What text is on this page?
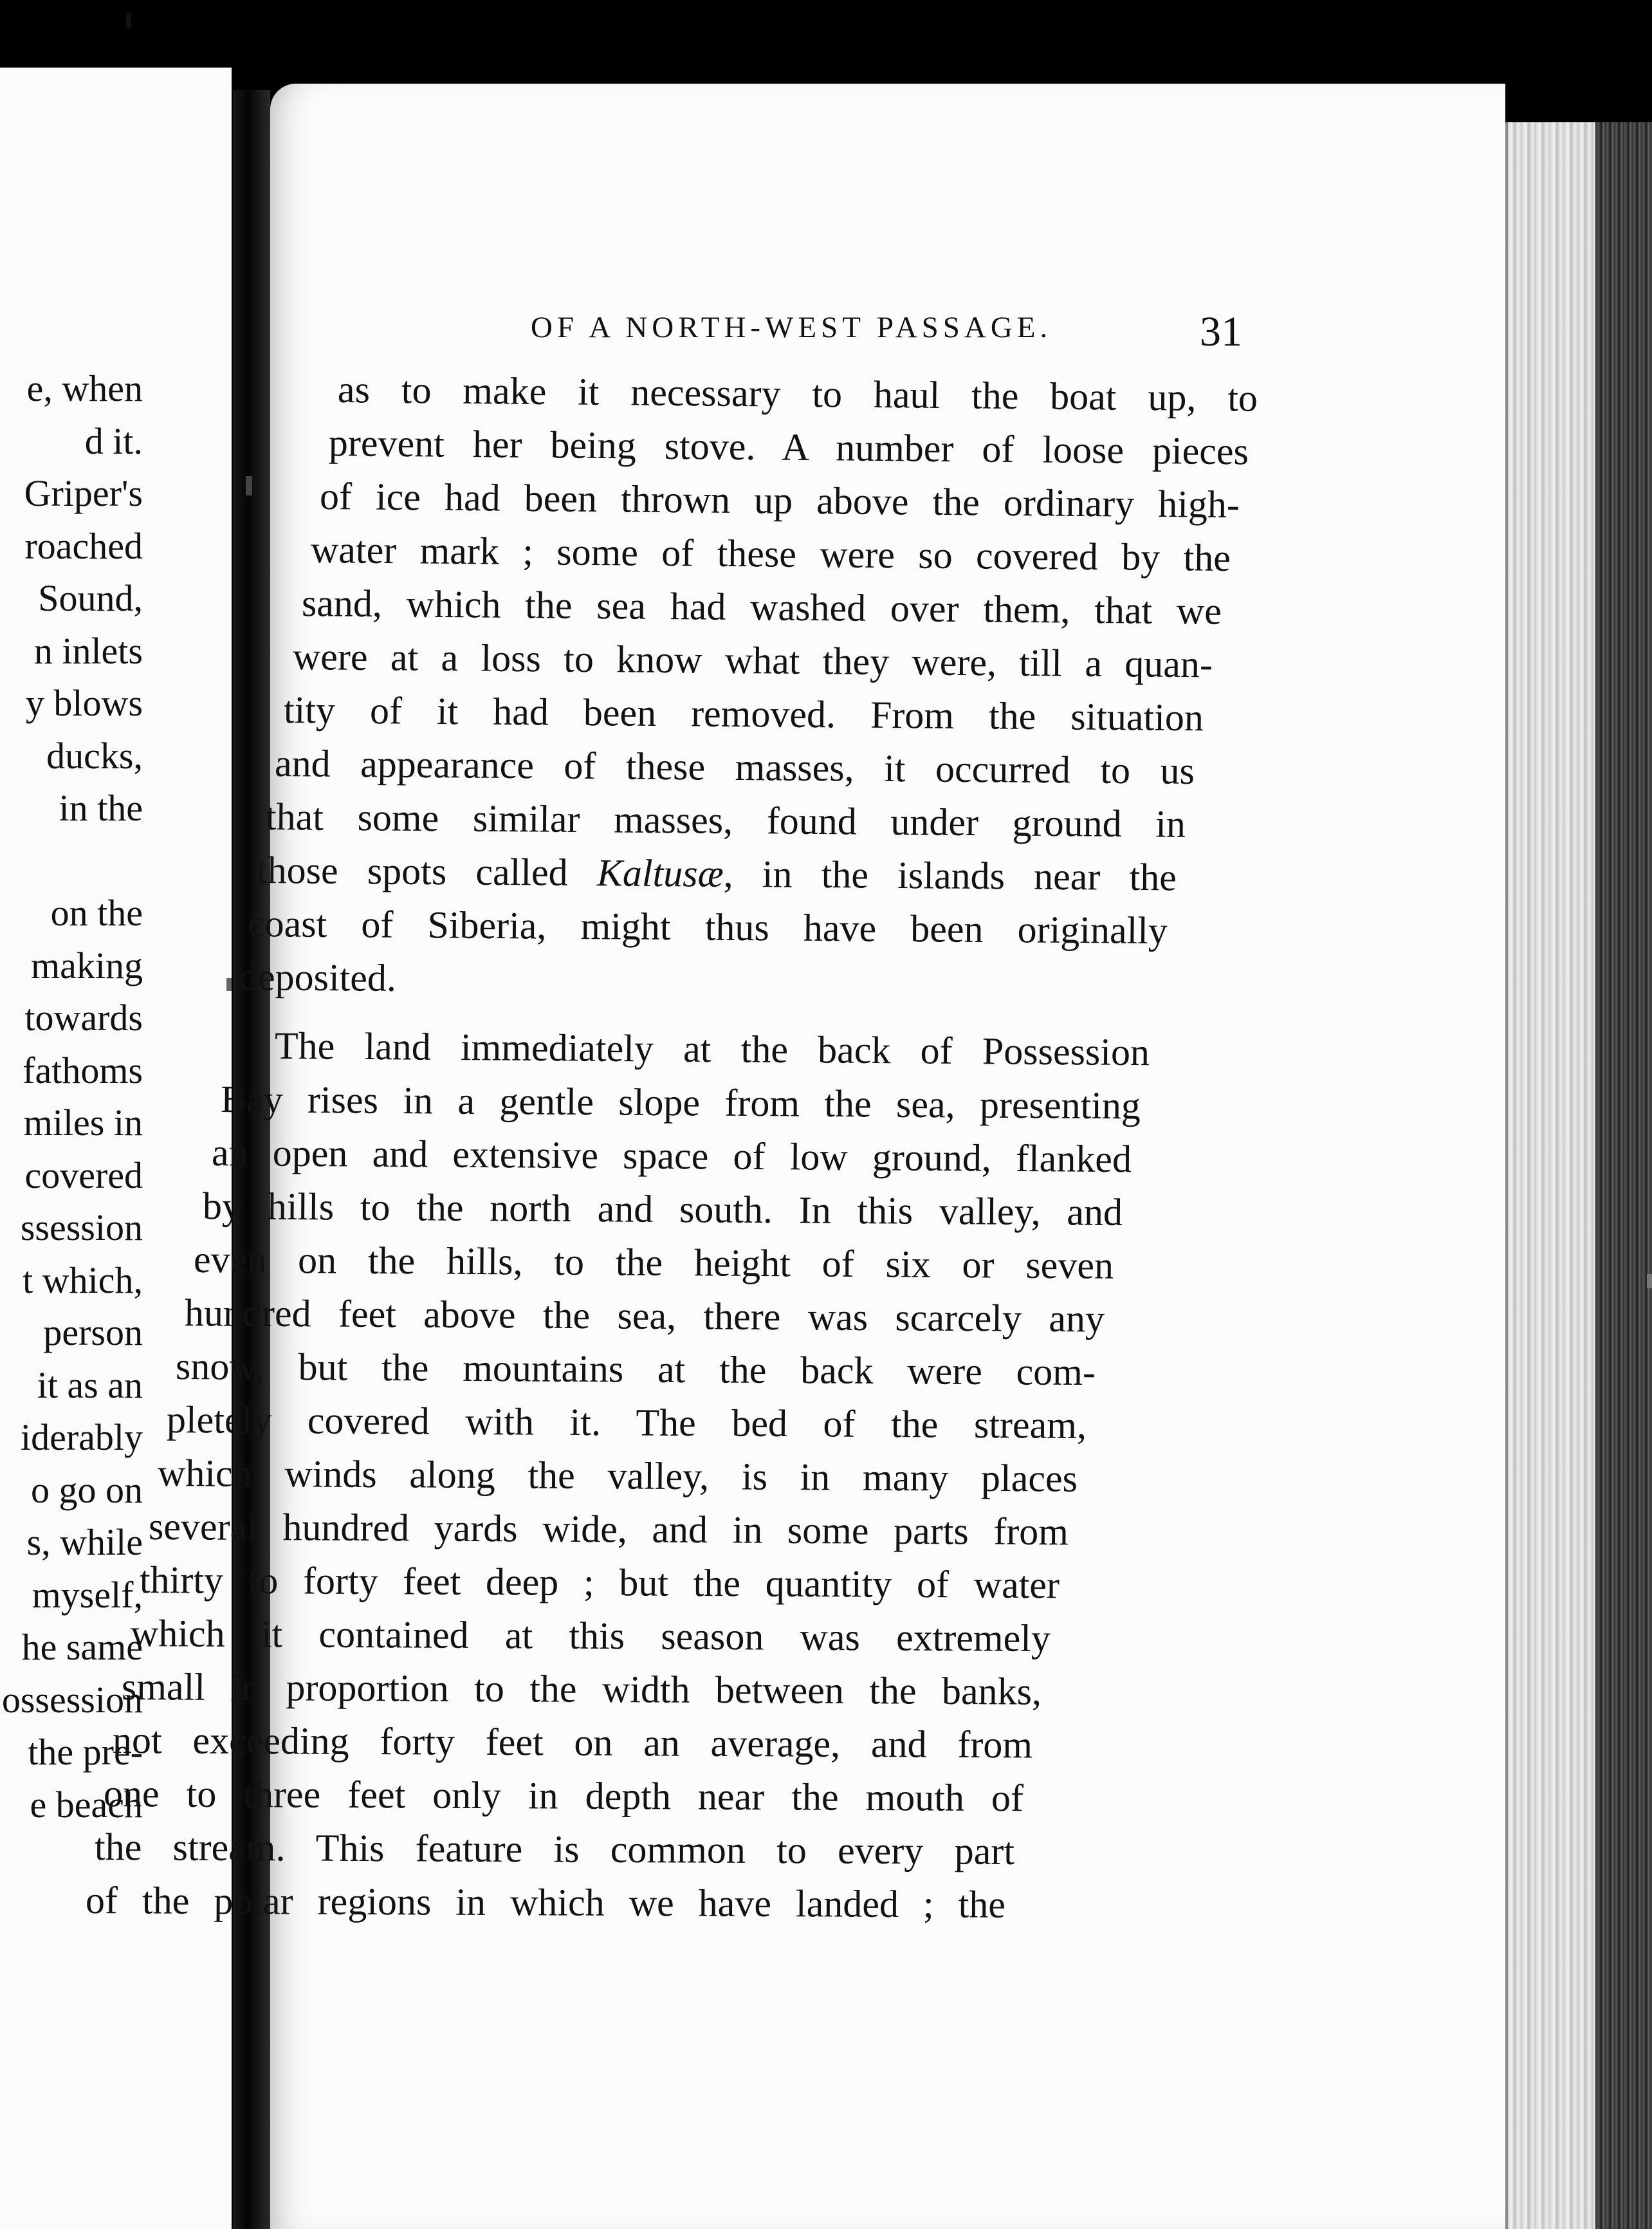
e, when
d it.
Griper's
roached
Sound,
n inlets
y blows
ducks,
in the
on the
making
towards
fathoms
miles in
covered
ssession
t which,
person
it as an
iderably
o go on
s, while
myself,
he same
ossession
the pre-
e beach
OF A NORTH-WEST PASSAGE.	31
as to make it necessary to haul the boat up, to
prevent her being stove. A number of loose pieces
of ice had been thrown up above the ordinary high-
water mark ; some of these were so covered by the
sand, which the sea had washed over them, that we
were at a loss to know what they were, till a quan-
tity of it had been removed. From the situation
and appearance of these masses, it occurred to us
that some similar masses, found under ground in
those spots called Kaltusæ, in the islands near the
coast of Siberia, might thus have been originally
deposited.
The land immediately at the back of Possession
Bay rises in a gentle slope from the sea, presenting
an open and extensive space of low ground, flanked
by hills to the north and south. In this valley, and
even on the hills, to the height of six or seven
hundred feet above the sea, there was scarcely any
snow, but the mountains at the back were com-
pletely covered with it. The bed of the stream,
which winds along the valley, is in many places
several hundred yards wide, and in some parts from
thirty to forty feet deep ; but the quantity of water
which it contained at this season was extremely
small in proportion to the width between the banks,
not exceeding forty feet on an average, and from
one to three feet only in depth near the mouth of
the stream. This feature is common to every part
of the polar regions in which we have landed ; the
